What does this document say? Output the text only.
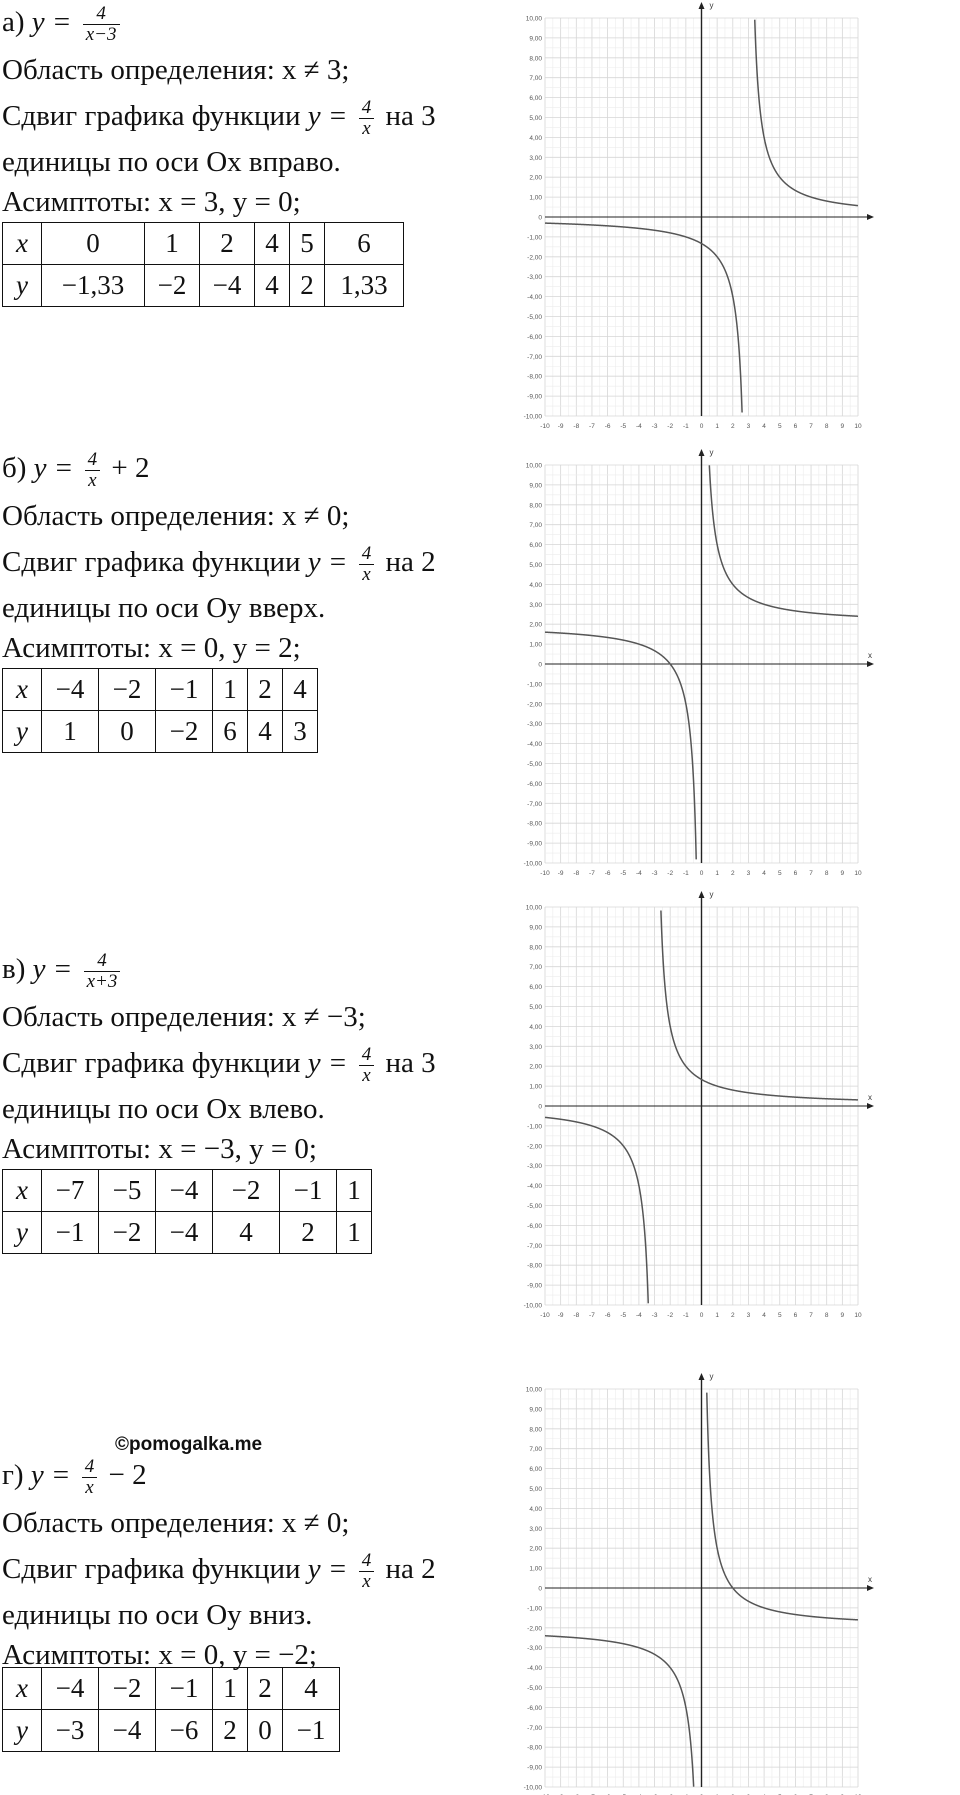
а) $y = \frac{4}{x-3}$
Область определения: x ≠ 3;
Сдвиг графика функции $y = \frac{4}{x}$ на 3
единицы по оси Ox вправо.
Асимптоты: x = 3, y = 0;
x	0	1	2	4	5	6
y	−1,33	−2	−4	4	2	1,33
y
-10 -9 -8 -7 -6 -5 -4 -3 -2 -1 0 1 2 3 4 5 6 7 8 9 10
10,00
9,00
8,00
7,00
6,00
5,00
4,00
3,00
2,00
1,00
0
-1,00
-2,00
-3,00
-4,00
-5,00
-6,00
-7,00
-8,00
-9,00
-10,00
б) $y = \frac{4}{x} + 2$
Область определения: x ≠ 0;
Сдвиг графика функции $y = \frac{4}{x}$ на 2
единицы по оси Oy вверх.
Асимптоты: x = 0, y = 2;
x	−4	−2	−1	1	2	4
y	1	0	−2	6	4	3
y
x
-10 -9 -8 -7 -6 -5 -4 -3 -2 -1 0 1 2 3 4 5 6 7 8 9 10
10,00
9,00
8,00
7,00
6,00
5,00
4,00
3,00
2,00
1,00
0
-1,00
-2,00
-3,00
-4,00
-5,00
-6,00
-7,00
-8,00
-9,00
-10,00
в) $y = \frac{4}{x+3}$
Область определения: x ≠ −3;
Сдвиг графика функции $y = \frac{4}{x}$ на 3
единицы по оси Ox влево.
Асимптоты: x = −3, y = 0;
x	−7	−5	−4	−2	−1	1
y	−1	−2	−4	4	2	1
y
x
-10 -9 -8 -7 -6 -5 -4 -3 -2 -1 0 1 2 3 4 5 6 7 8 9 10
10,00
9,00
8,00
7,00
6,00
5,00
4,00
3,00
2,00
1,00
0
-1,00
-2,00
-3,00
-4,00
-5,00
-6,00
-7,00
-8,00
-9,00
-10,00
г) $y = \frac{4}{x} - 2$
Область определения: x ≠ 0;
Сдвиг графика функции $y = \frac{4}{x}$ на 2
единицы по оси Oy вниз.
Асимптоты: x = 0, y = −2;
x	−4	−2	−1	1	2	4
y	−3	−4	−6	2	0	−1
y
x
10,00
9,00
8,00
7,00
6,00
5,00
4,00
3,00
2,00
1,00
0
-1,00
-2,00
-3,00
-4,00
-5,00
-6,00
-7,00
-8,00
-9,00
-10,00
©pomogalka.me
